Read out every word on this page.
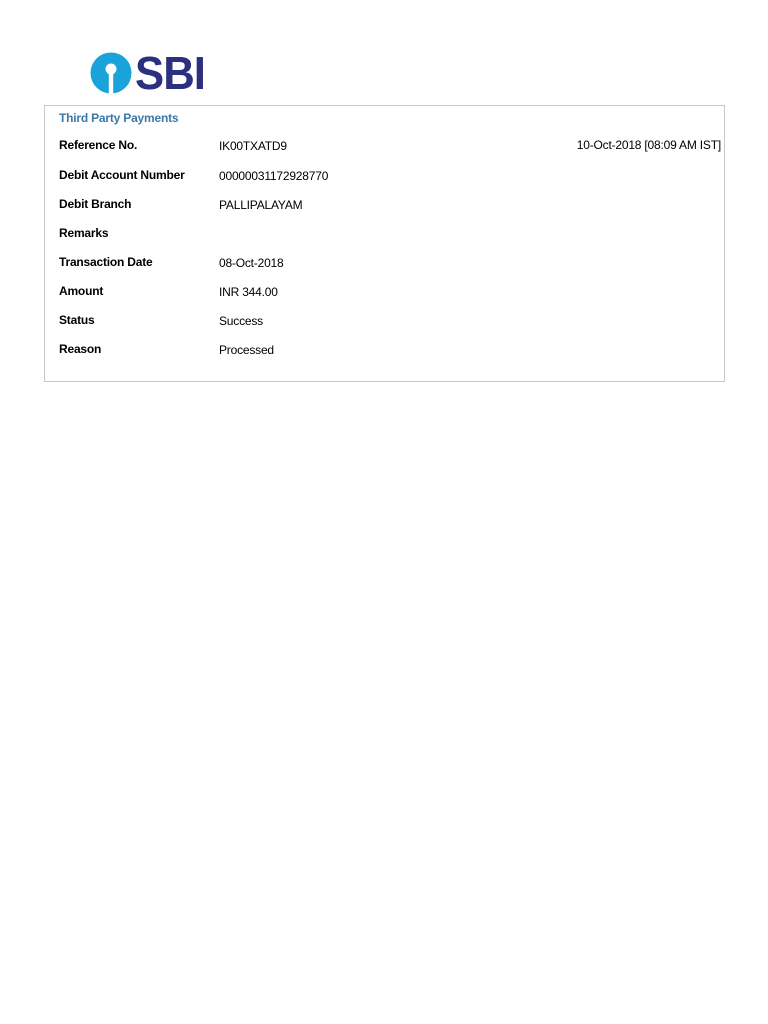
SBI
Third Party Payments
Reference No.	IK00TXATD9	10-Oct-2018 [08:09 AM IST]
Debit Account Number	00000031172928770
Debit Branch	PALLIPALAYAM
Remarks
Transaction Date	08-Oct-2018
Amount	INR 344.00
Status	Success
Reason	Processed
